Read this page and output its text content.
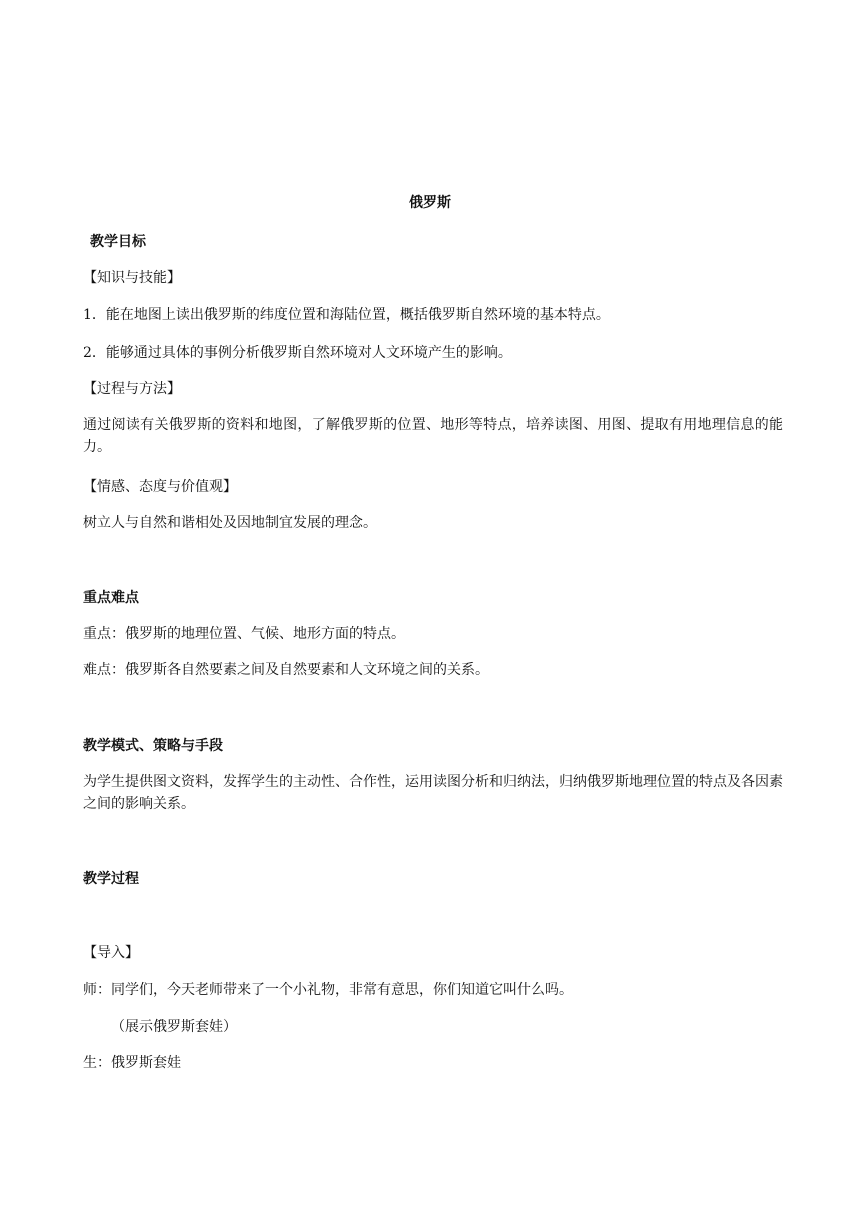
俄罗斯
教学目标
【知识与技能】
1．能在地图上读出俄罗斯的纬度位置和海陆位置，概括俄罗斯自然环境的基本特点。
2．能够通过具体的事例分析俄罗斯自然环境对人文环境产生的影响。
【过程与方法】
通过阅读有关俄罗斯的资料和地图，了解俄罗斯的位置、地形等特点，培养读图、用图、提取有用地理信息的能力。
【情感、态度与价值观】
树立人与自然和谐相处及因地制宜发展的理念。
重点难点
重点：俄罗斯的地理位置、气候、地形方面的特点。
难点：俄罗斯各自然要素之间及自然要素和人文环境之间的关系。
教学模式、策略与手段
为学生提供图文资料，发挥学生的主动性、合作性，运用读图分析和归纳法，归纳俄罗斯地理位置的特点及各因素之间的影响关系。
教学过程
【导入】
师：同学们，今天老师带来了一个小礼物，非常有意思，你们知道它叫什么吗。
（展示俄罗斯套娃）
生：俄罗斯套娃
